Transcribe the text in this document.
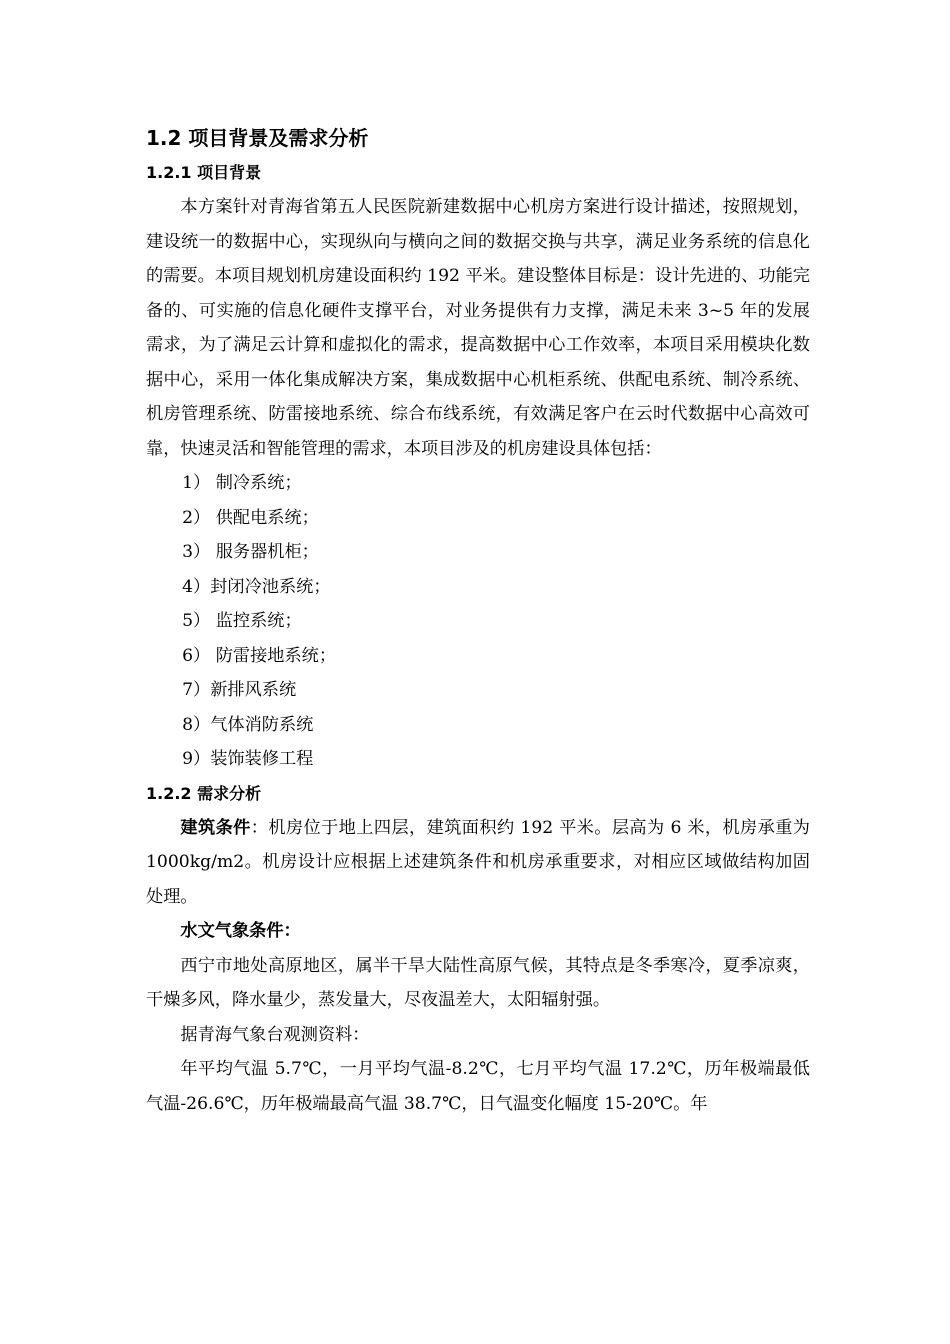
1.2 项目背景及需求分析
1.2.1 项目背景

本方案针对青海省第五人民医院新建数据中心机房方案进行设计描述，按照规划，建设统一的数据中心，实现纵向与横向之间的数据交换与共享，满足业务系统的信息化的需要。本项目规划机房建设面积约 192 平米。建设整体目标是：设计先进的、功能完备的、可实施的信息化硬件支撑平台，对业务提供有力支撑，满足未来 3~5 年的发展需求，为了满足云计算和虚拟化的需求，提高数据中心工作效率，本项目采用模块化数据中心，采用一体化集成解决方案，集成数据中心机柜系统、供配电系统、制冷系统、机房管理系统、防雷接地系统、综合布线系统，有效满足客户在云时代数据中心高效可靠，快速灵活和智能管理的需求，本项目涉及的机房建设具体包括：

1） 制冷系统；

2） 供配电系统；

3） 服务器机柜；

4）封闭冷池系统；

5） 监控系统；

6） 防雷接地系统；

7）新排风系统

8）气体消防系统

9）装饰装修工程

1.2.2 需求分析

建筑条件：机房位于地上四层，建筑面积约 192 平米。层高为 6 米，机房承重为 1000kg/m2。机房设计应根据上述建筑条件和机房承重要求，对相应区域做结构加固处理。

水文气象条件：

西宁市地处高原地区，属半干旱大陆性高原气候，其特点是冬季寒冷，夏季凉爽，干燥多风，降水量少，蒸发量大，尽夜温差大，太阳辐射强。

据青海气象台观测资料：

年平均气温 5.7℃，一月平均气温-8.2℃，七月平均气温 17.2℃，历年极端最低气温-26.6℃，历年极端最高气温 38.7℃，日气温变化幅度 15-20℃。年
